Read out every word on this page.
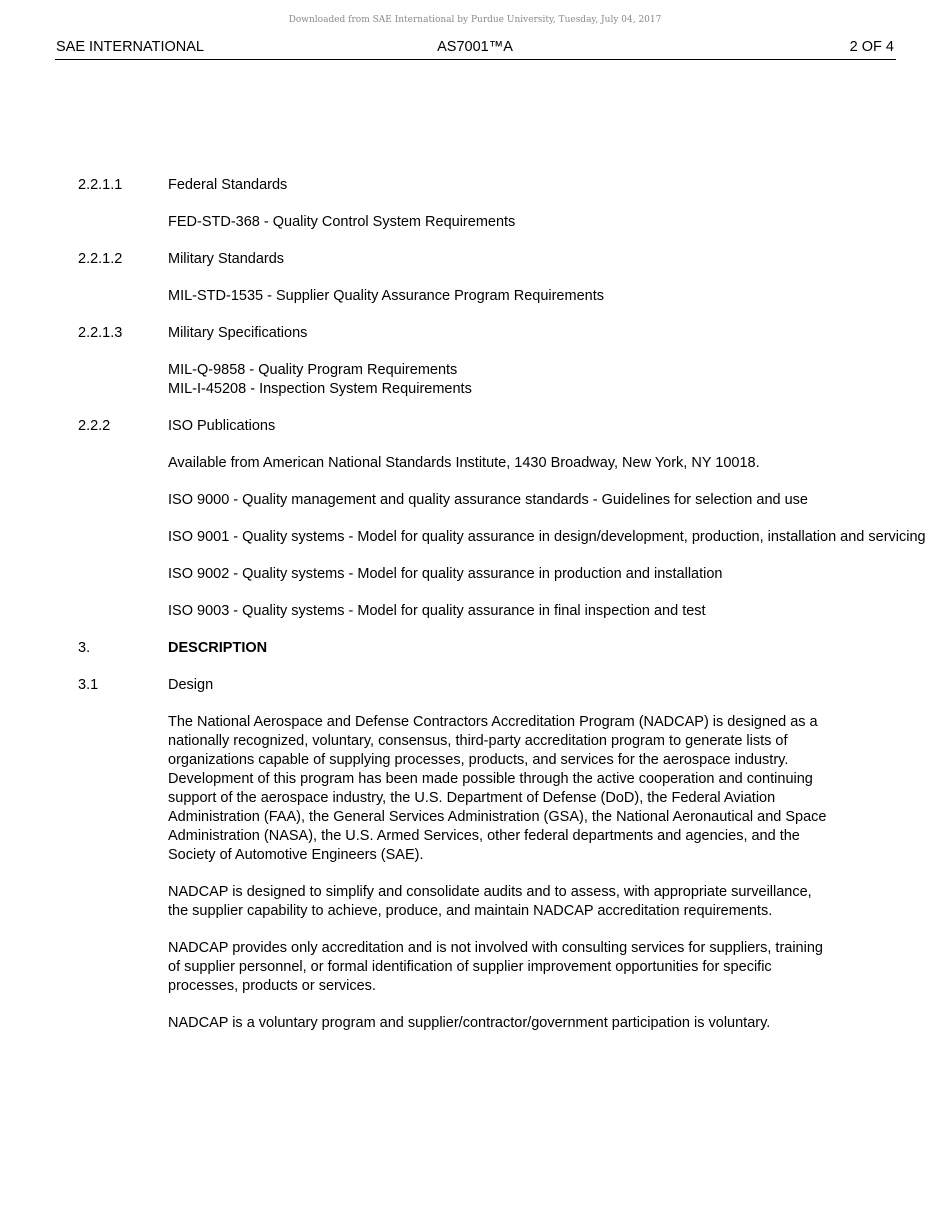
Downloaded from SAE International by Purdue University, Tuesday, July 04, 2017
SAE INTERNATIONAL	AS7001™A	2 OF 4
2.2.1.1	Federal Standards
FED-STD-368 - Quality Control System Requirements
2.2.1.2	Military Standards
MIL-STD-1535 - Supplier Quality Assurance Program Requirements
2.2.1.3	Military Specifications
MIL-Q-9858 - Quality Program Requirements
MIL-I-45208 - Inspection System Requirements
2.2.2	ISO Publications
Available from American National Standards Institute, 1430 Broadway, New York, NY 10018.
ISO 9000 - Quality management and quality assurance standards - Guidelines for selection and use
ISO 9001 - Quality systems - Model for quality assurance in design/development, production, installation and servicing
ISO 9002 - Quality systems - Model for quality assurance in production and installation
ISO 9003 - Quality systems - Model for quality assurance in final inspection and test
3.	DESCRIPTION
3.1	Design
The National Aerospace and Defense Contractors Accreditation Program (NADCAP) is designed as a nationally recognized, voluntary, consensus, third-party accreditation program to generate lists of organizations capable of supplying processes, products, and services for the aerospace industry. Development of this program has been made possible through the active cooperation and continuing support of the aerospace industry, the U.S. Department of Defense (DoD), the Federal Aviation Administration (FAA), the General Services Administration (GSA), the National Aeronautical and Space Administration (NASA), the U.S. Armed Services, other federal departments and agencies, and the Society of Automotive Engineers (SAE).
NADCAP is designed to simplify and consolidate audits and to assess, with appropriate surveillance, the supplier capability to achieve, produce, and maintain NADCAP accreditation requirements.
NADCAP provides only accreditation and is not involved with consulting services for suppliers, training of supplier personnel, or formal identification of supplier improvement opportunities for specific processes, products or services.
NADCAP is a voluntary program and supplier/contractor/government participation is voluntary.
